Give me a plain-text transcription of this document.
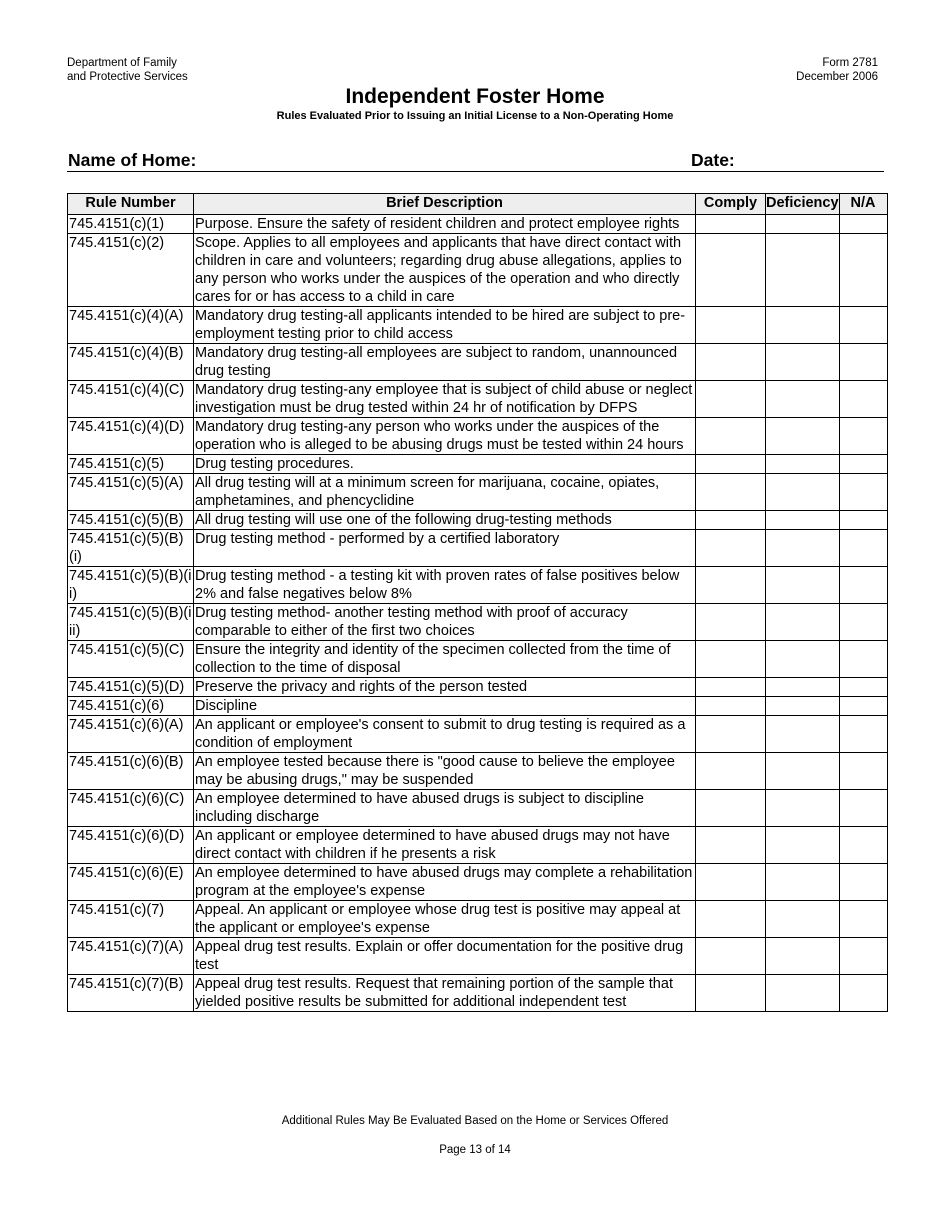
Department of Family
and Protective Services
Form 2781
December 2006
Independent Foster Home
Rules Evaluated Prior to Issuing an Initial License to a Non-Operating Home
Name of Home:	Date:
Rule Number	Brief Description	Comply	Deficiency	N/A
745.4151(c)(1)	Purpose. Ensure the safety of resident children and protect employee rights			
745.4151(c)(2)	Scope. Applies to all employees and applicants that have direct contact with children in care and volunteers; regarding drug abuse allegations, applies to any person who works under the auspices of the operation and who directly cares for or has access to a child in care			
745.4151(c)(4)(A)	Mandatory drug testing-all applicants intended to be hired are subject to pre-employment testing prior to child access			
745.4151(c)(4)(B)	Mandatory drug testing-all employees are subject to random, unannounced drug testing			
745.4151(c)(4)(C)	Mandatory drug testing-any employee that is subject of child abuse or neglect investigation must be drug tested within 24 hr of notification by DFPS			
745.4151(c)(4)(D)	Mandatory drug testing-any person who works under the auspices of the operation who is alleged to be abusing drugs must be tested within 24 hours			
745.4151(c)(5)	Drug testing procedures.			
745.4151(c)(5)(A)	All drug testing will at a minimum screen for marijuana, cocaine, opiates, amphetamines, and phencyclidine			
745.4151(c)(5)(B)	All drug testing will use one of the following drug-testing methods			
745.4151(c)(5)(B)(i)	Drug testing method - performed by a certified laboratory			
745.4151(c)(5)(B)(ii)	Drug testing method - a testing kit with proven rates of false positives below 2% and false negatives below 8%			
745.4151(c)(5)(B)(iii)	Drug testing method- another testing method with proof of accuracy comparable to either of the first two choices			
745.4151(c)(5)(C)	Ensure the integrity and identity of the specimen collected from the time of collection to the time of disposal			
745.4151(c)(5)(D)	Preserve the privacy and rights of the person tested			
745.4151(c)(6)	Discipline			
745.4151(c)(6)(A)	An applicant or employee's consent to submit to drug testing is required as a condition of employment			
745.4151(c)(6)(B)	An employee tested because there is "good cause to believe the employee may be abusing drugs," may be suspended			
745.4151(c)(6)(C)	An employee determined to have abused drugs is subject to discipline including discharge			
745.4151(c)(6)(D)	An applicant or employee determined to have abused drugs may not have direct contact with children if he presents a risk			
745.4151(c)(6)(E)	An employee determined to have abused drugs may complete a rehabilitation program at the employee's expense			
745.4151(c)(7)	Appeal. An applicant or employee whose drug test is positive may appeal at the applicant or employee's expense			
745.4151(c)(7)(A)	Appeal drug test results. Explain or offer documentation for the positive drug test			
745.4151(c)(7)(B)	Appeal drug test results. Request that remaining portion of the sample that yielded positive results be submitted for additional independent test			
Additional Rules May Be Evaluated Based on the Home or Services Offered
Page 13 of 14
